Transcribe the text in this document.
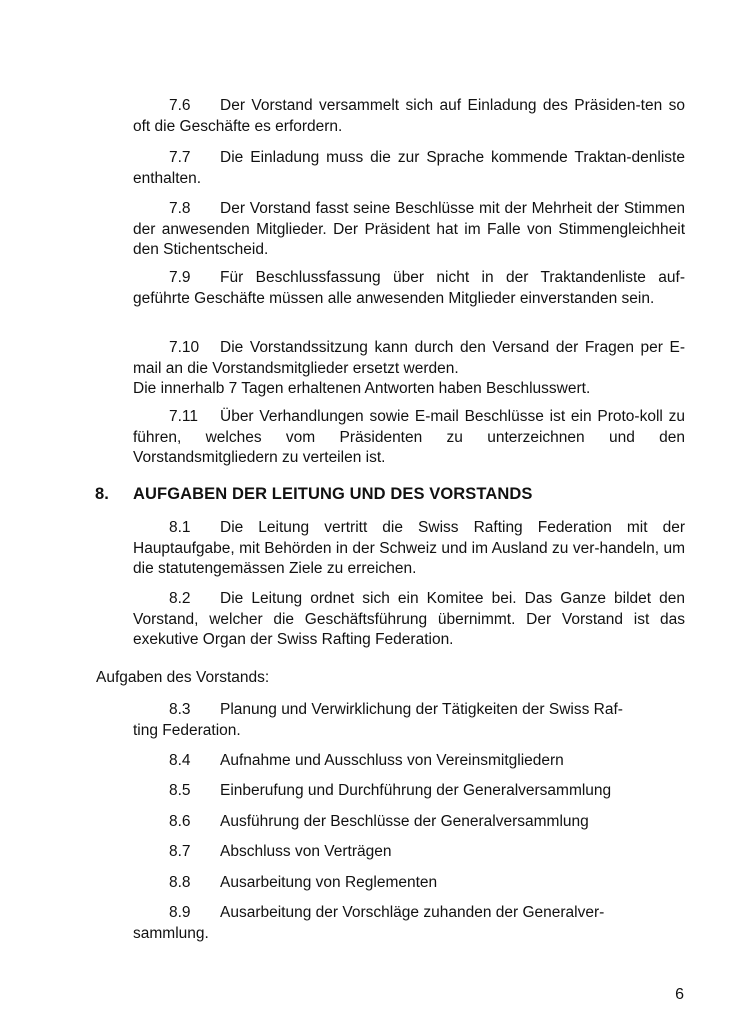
7.6 Der Vorstand versammelt sich auf Einladung des Präsiden-ten so oft die Geschäfte es erfordern.
7.7 Die Einladung muss die zur Sprache kommende Traktan-denliste enthalten.
7.8 Der Vorstand fasst seine Beschlüsse mit der Mehrheit der Stimmen der anwesenden Mitglieder. Der Präsident hat im Falle von Stimmengleichheit den Stichentscheid.
7.9 Für Beschlussfassung über nicht in der Traktandenliste auf-geführte Geschäfte müssen alle anwesenden Mitglieder einverstanden sein.
7.10 Die Vorstandssitzung kann durch den Versand der Fragen per E-mail an die Vorstandsmitglieder ersetzt werden.
Die innerhalb 7 Tagen erhaltenen Antworten haben Beschlusswert.
7.11 Über Verhandlungen sowie E-mail Beschlüsse ist ein Proto-koll zu führen, welches vom Präsidenten zu unterzeichnen und den Vorstandsmitgliedern zu verteilen ist.
8. AUFGABEN DER LEITUNG UND DES VORSTANDS
8.1 Die Leitung vertritt die Swiss Rafting Federation mit der Hauptaufgabe, mit Behörden in der Schweiz und im Ausland zu ver-handeln, um die statutengemässen Ziele zu erreichen.
8.2 Die Leitung ordnet sich ein Komitee bei. Das Ganze bildet den Vorstand, welcher die Geschäftsführung übernimmt. Der Vorstand ist das exekutive Organ der Swiss Rafting Federation.
Aufgaben des Vorstands:
8.3 Planung und Verwirklichung der Tätigkeiten der Swiss Raf-
ting Federation.
8.4 Aufnahme und Ausschluss von Vereinsmitgliedern
8.5 Einberufung und Durchführung der Generalversammlung
8.6 Ausführung der Beschlüsse der Generalversammlung
8.7 Abschluss von Verträgen
8.8 Ausarbeitung von Reglementen
8.9 Ausarbeitung der Vorschläge zuhanden der Generalver-
sammlung.
6
